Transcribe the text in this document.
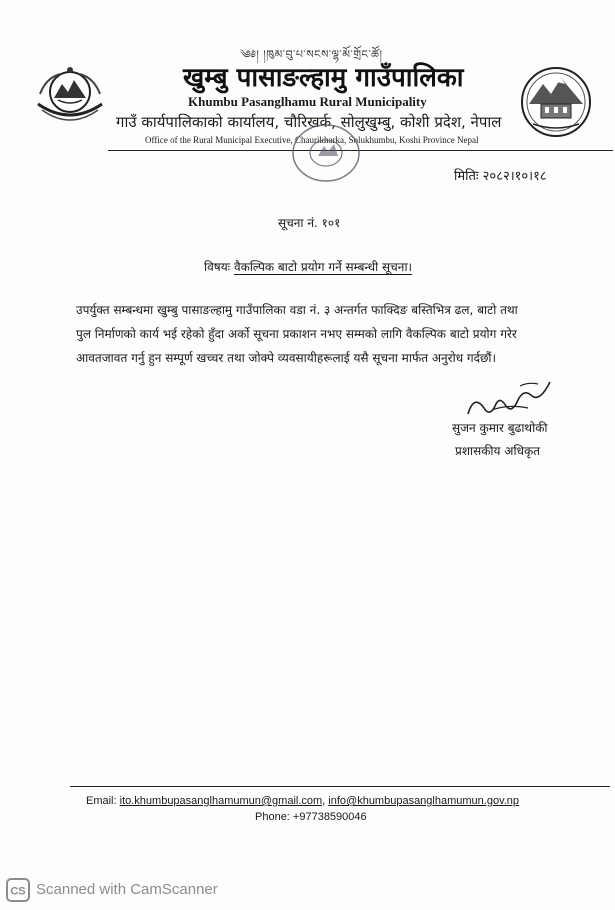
༄༅། །ཁུམ་བུ་པ་སངས་ལྷ་མོ་གྲོང་ཚོ།
खुम्बु पासाङल्हामु गाउँपालिका
Khumbu Pasanglhamu Rural Municipality
गाउँ कार्यपालिकाको कार्यालय, चौरिखर्क, सोलुखुम्बु, कोशी प्रदेश, नेपाल
Office of the Rural Municipal Executive, Chaurikharka, Solukhumbu, Koshi Province Nepal
मितिः २०८२।१०।१८
सूचना नं. १०१
विषयः वैकल्पिक बाटो प्रयोग गर्ने सम्बन्धी सूचना।
उपर्युक्त सम्बन्धमा खुम्बु पासाङल्हामु गाउँपालिका वडा नं. ३ अन्तर्गत फाक्दिङ बस्तिभित्र ढल, बाटो तथा
पुल निर्माणको कार्य भई रहेको हुँदा अर्को सूचना प्रकाशन नभए सम्मको लागि वैकल्पिक बाटो प्रयोग गरेर
आवतजावत गर्नु हुन सम्पूर्ण खच्चर तथा जोक्पे व्यवसायीहरूलाई यसै सूचना मार्फत अनुरोध गर्दछौं।
सुजन कुमार बुढाथोकी
प्रशासकीय अधिकृत
Email: ito.khumbupasanglhamumun@gmail.com, info@khumbupasanglhamumun.gov.np
Phone: +97738590046
CS Scanned with CamScanner
